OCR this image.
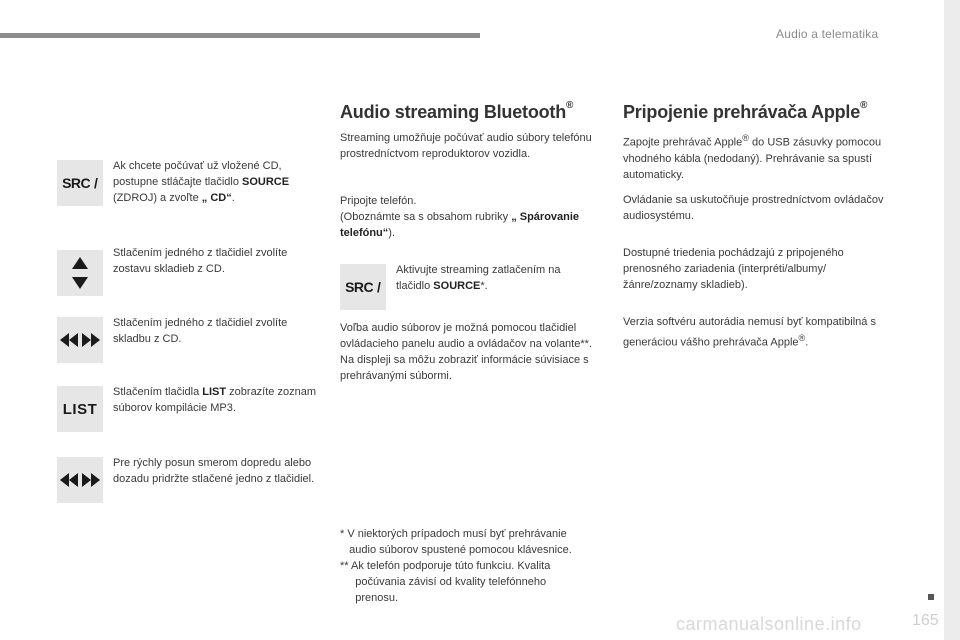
Audio a telematika
SRC /
Ak chcete počúvať už vložené CD, postupne stláčajte tlačidlo SOURCE (ZDROJ) a zvoľte „ CD“.
Stlačením jedného z tlačidiel zvolíte zostavu skladieb z CD.
Stlačením jedného z tlačidiel zvolíte skladbu z CD.
LIST
Stlačením tlačidla LIST zobrazíte zoznam súborov kompilácie MP3.
Pre rýchly posun smerom dopredu alebo dozadu pridržte stlačené jedno z tlačidiel.
Audio streaming Bluetooth®
Streaming umožňuje počúvať audio súbory telefónu prostredníctvom reproduktorov vozidla.
Pripojte telefón.
(Oboznámte sa s obsahom rubriky „ Spárovanie telefónu“).
SRC /
Aktivujte streaming zatlačením na tlačidlo SOURCE*.
Voľba audio súborov je možná pomocou tlačidiel ovládacieho panelu audio a ovládačov na volante**. Na displeji sa môžu zobraziť informácie súvisiace s prehrávanými súbormi.
* V niektorých prípadoch musí byť prehrávanie
audio súborov spustené pomocou klávesnice.
** Ak telefón podporuje túto funkciu. Kvalita
počúvania závisí od kvality telefónneho
prenosu.
Pripojenie prehrávača Apple®
Zapojte prehrávač Apple® do USB zásuvky pomocou vhodného kábla (nedodaný). Prehrávanie sa spustí automaticky.
Ovládanie sa uskutočňuje prostredníctvom ovládačov audiosystému.
Dostupné triedenia pochádzajú z pripojeného prenosného zariadenia (interpréti/albumy/ žánre/zoznamy skladieb).
Verzia softvéru autorádia nemusí byť kompatibilná s generáciou vášho prehrávača Apple®.
carmanualsonline.info	165
